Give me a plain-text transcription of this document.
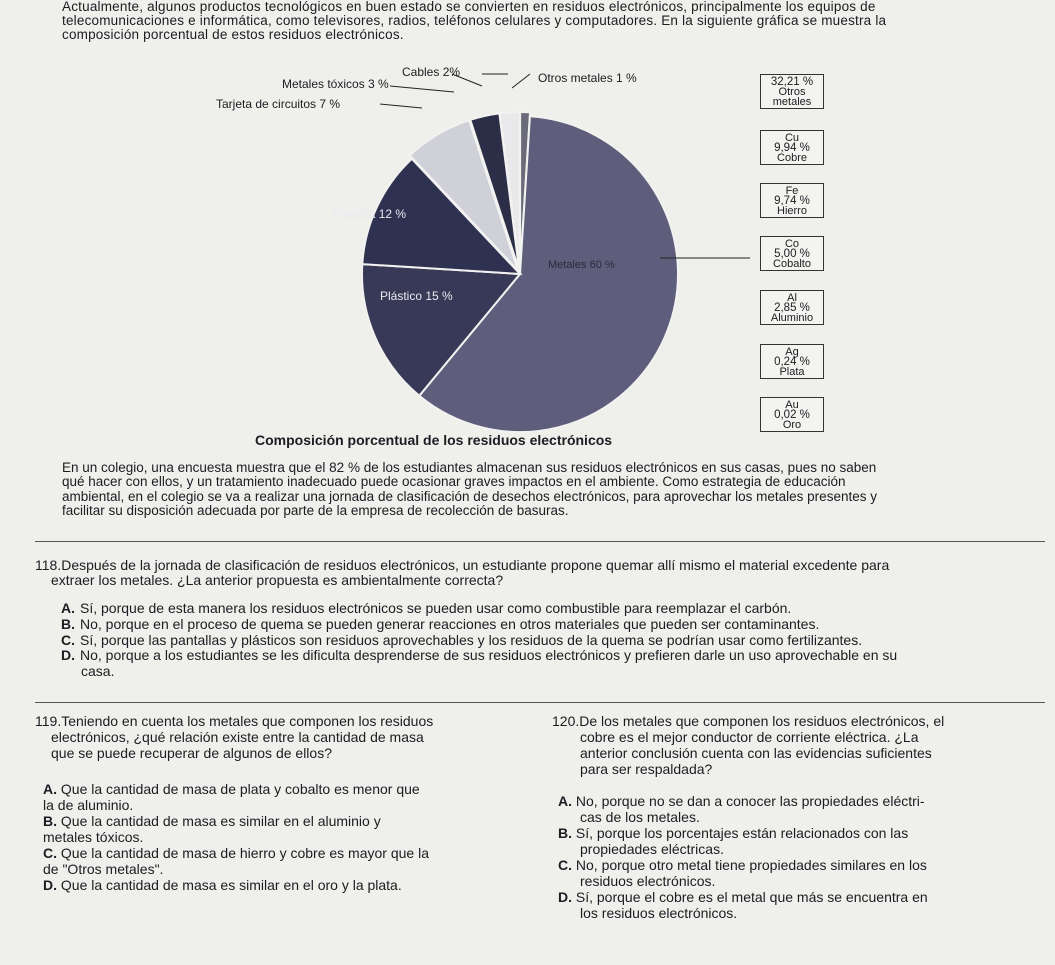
Actualmente, algunos productos tecnológicos en buen estado se convierten en residuos electrónicos, principalmente los equipos de

telecomunicaciones e informática, como televisores, radios, teléfonos celulares y computadores. En la siguiente gráfica se muestra la

composición porcentual de estos residuos electrónicos.

Metales tóxicos 3 %
Cables 2%	Otros metales 1 %
Tarjeta de circuitos 7 %
Pantalla 12 %
Plástico 15 %
Metales 60 %
Composición porcentual de los residuos electrónicos
32,21 %
Otros metales
Cu
9,94 %
Cobre
Fe
9,74 %
Hierro
Co
5,00 %
Cobalto
Al
2,85 %
Aluminio
Ag
0,24 %
Plata
Au
0,02 %
Oro

En un colegio, una encuesta muestra que el 82 % de los estudiantes almacenan sus residuos electrónicos en sus casas, pues no saben

qué hacer con ellos, y un tratamiento inadecuado puede ocasionar graves impactos en el ambiente. Como estrategia de educación

ambiental, en el colegio se va a realizar una jornada de clasificación de desechos electrónicos, para aprovechar los metales presentes y

facilitar su disposición adecuada por parte de la empresa de recolección de basuras.

118.Después de la jornada de clasificación de residuos electrónicos, un estudiante propone quemar allí mismo el material excedente para
extraer los metales. ¿La anterior propuesta es ambientalmente correcta?
A. Sí, porque de esta manera los residuos electrónicos se pueden usar como combustible para reemplazar el carbón.
B. No, porque en el proceso de quema se pueden generar reacciones en otros materiales que pueden ser contaminantes.
C. Sí, porque las pantallas y plásticos son residuos aprovechables y los residuos de la quema se podrían usar como fertilizantes.
D. No, porque a los estudiantes se les dificulta desprenderse de sus residuos electrónicos y prefieren darle un uso aprovechable en su
casa.
119.Teniendo en cuenta los metales que componen los residuos
electrónicos, ¿qué relación existe entre la cantidad de masa
que se puede recuperar de algunos de ellos?
A. Que la cantidad de masa de plata y cobalto es menor que
la de aluminio.
B. Que la cantidad de masa es similar en el aluminio y
metales tóxicos.
C. Que la cantidad de masa de hierro y cobre es mayor que la
de "Otros metales".
D. Que la cantidad de masa es similar en el oro y la plata.
120.De los metales que componen los residuos electrónicos, el
cobre es el mejor conductor de corriente eléctrica. ¿La
anterior conclusión cuenta con las evidencias suficientes
para ser respaldada?
A. No, porque no se dan a conocer las propiedades eléctri-
cas de los metales.
B. Sí, porque los porcentajes están relacionados con las
propiedades eléctricas.
C. No, porque otro metal tiene propiedades similares en los
residuos electrónicos.
D. Sí, porque el cobre es el metal que más se encuentra en
los residuos electrónicos.
